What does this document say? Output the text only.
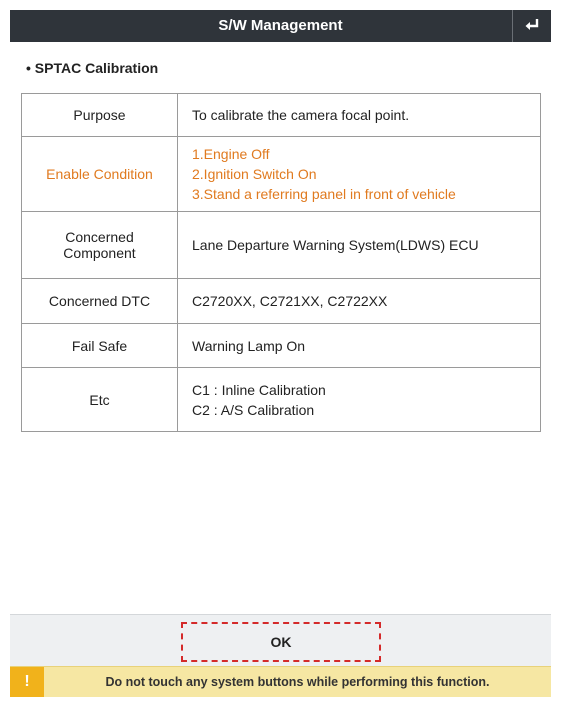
S/W Management
• SPTAC Calibration
Purpose	To calibrate the camera focal point.

Enable Condition	1.Engine Off
2.Ignition Switch On
3.Stand a referring panel in front of vehicle

Concerned Component	Lane Departure Warning System(LDWS) ECU

Concerned DTC	C2720XX, C2721XX, C2722XX

Fail Safe	Warning Lamp On

Etc	C1 : Inline Calibration
C2 : A/S Calibration
OK
!	Do not touch any system buttons while performing this function.
